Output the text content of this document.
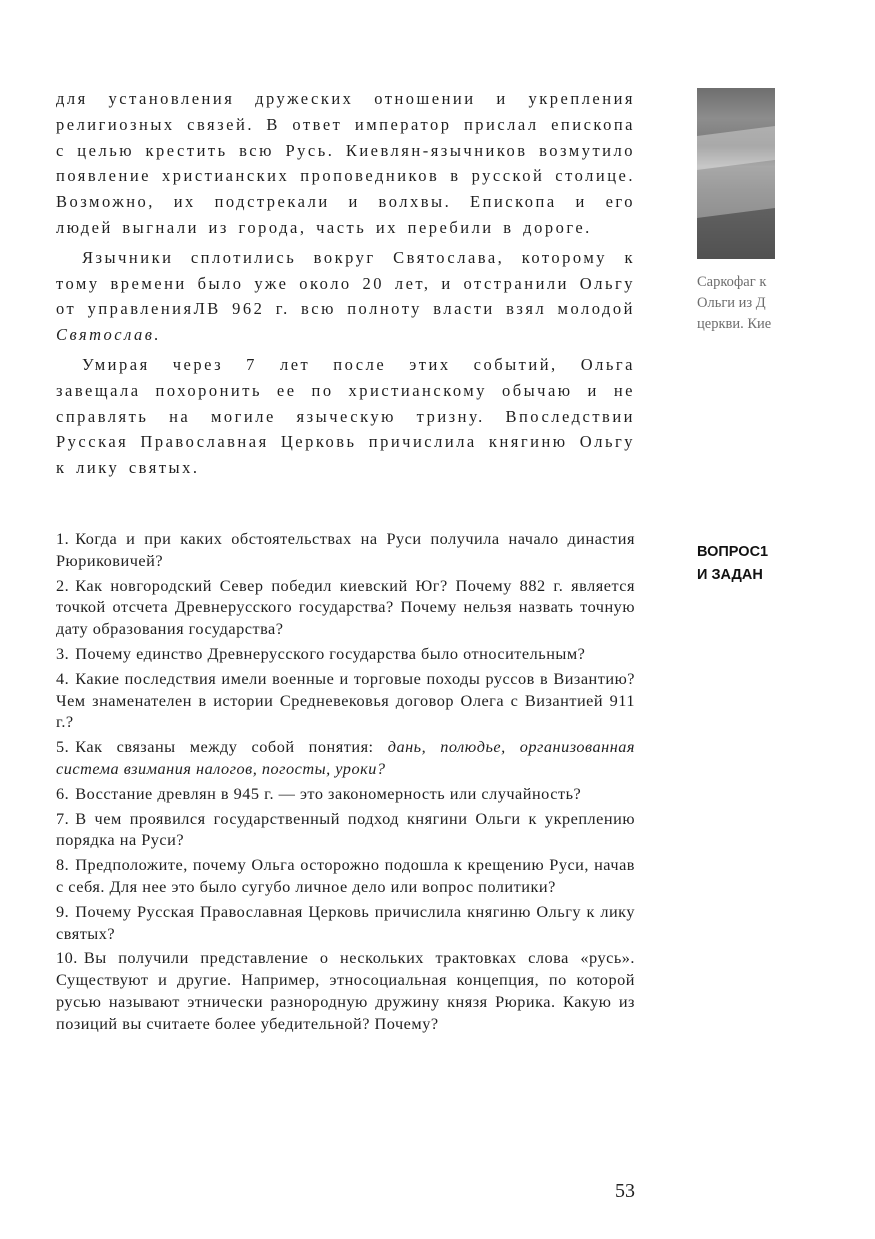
для установления дружеских отношении и укрепления религиозных связей. В ответ император прислал епископа с целью крестить всю Русь. Киевлян-язычников возмутило появление христианских проповедников в русской столице. Возможно, их подстрекали и волхвы. Епископа и его людей выгнали из города, часть их перебили в дороге.

Язычники сплотились вокруг Святослава, которому к тому времени было уже около 20 лет, и отстранили Ольгу от управленияЛВ 962 г. всю полноту власти взял молодой Святослав.

Умирая через 7 лет после этих событий, Ольга завещала похоронить ее по христианскому обычаю и не справлять на могиле языческую тризну. Впоследствии Русская Православная Церковь причислила княгиню Ольгу к лику святых.

Саркофаг к
Ольги из Д
церкви. Кие
ВОПРОС1
И ЗАДАН
1. Когда и при каких обстоятельствах на Руси получила начало династия Рюриковичей?
2. Как новгородский Север победил киевский Юг? Почему 882 г. является точкой отсчета Древнерусского государства? Почему нельзя назвать точную дату образования государства?
3. Почему единство Древнерусского государства было относительным?
4. Какие последствия имели военные и торговые походы руссов в Византию? Чем знаменателен в истории Средневековья договор Олега с Византией 911 г.?
5. Как связаны между собой понятия: дань, полюдье, организованная система взимания налогов, погосты, уроки?
6. Восстание древлян в 945 г. — это закономерность или случайность?
7. В чем проявился государственный подход княгини Ольги к укреплению порядка на Руси?
8. Предположите, почему Ольга осторожно подошла к крещению Руси, начав с себя. Для нее это было сугубо личное дело или вопрос политики?
9. Почему Русская Православная Церковь причислила княгиню Ольгу к лику святых?
10. Вы получили представление о нескольких трактовках слова «русь». Существуют и другие. Например, этносоциальная концепция, по которой русью называют этнически разнородную дружину князя Рюрика. Какую из позиций вы считаете более убедительной? Почему?
53
